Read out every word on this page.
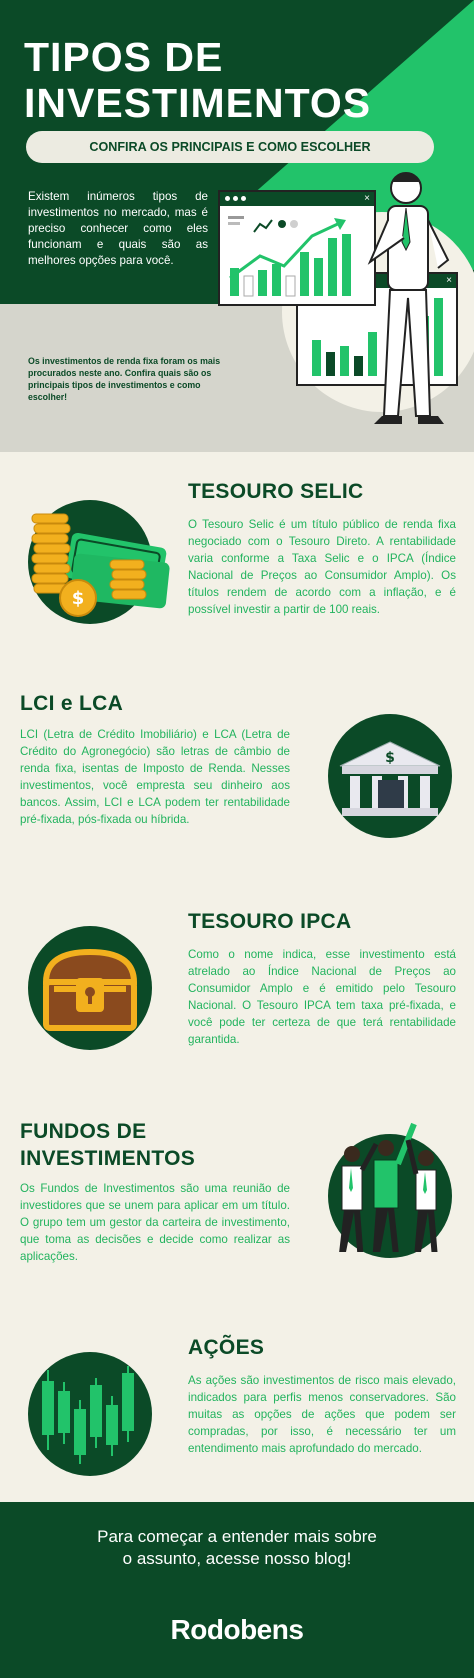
TIPOS DE
INVESTIMENTOS
CONFIRA OS PRINCIPAIS E COMO ESCOLHER
Existem inúmeros tipos de investimentos no mercado, mas é preciso conhecer como eles funcionam e quais são as melhores opções para você.
Os investimentos de renda fixa foram os mais procurados neste ano. Confira quais são os principais tipos de investimentos e como escolher!
×
×
TESOURO SELIC
O Tesouro Selic é um título público de renda fixa negociado com o Tesouro Direto. A rentabilidade varia conforme a Taxa Selic e o IPCA (Índice Nacional de Preços ao Consumidor Amplo). Os títulos rendem de acordo com a inflação, e é possível investir a partir de 100 reais.
$
LCI e LCA
LCI (Letra de Crédito Imobiliário) e LCA (Letra de Crédito do Agronegócio) são letras de câmbio de renda fixa, isentas de Imposto de Renda. Nesses investimentos, você empresta seu dinheiro aos bancos. Assim, LCI e LCA podem ter rentabilidade pré-fixada, pós-fixada ou híbrida.
$
TESOURO IPCA
Como o nome indica, esse investimento está atrelado ao Índice Nacional de Preços ao Consumidor Amplo e é emitido pelo Tesouro Nacional. O Tesouro IPCA tem taxa pré-fixada, e você pode ter certeza de que terá rentabilidade garantida.
FUNDOS DE
INVESTIMENTOS
Os Fundos de Investimentos são uma reunião de investidores que se unem para aplicar em um título. O grupo tem um gestor da carteira de investimento, que toma as decisões e decide como realizar as aplicações.
AÇÕES
As ações são investimentos de risco mais elevado, indicados para perfis menos conservadores. São muitas as opções de ações que podem ser compradas, por isso, é necessário ter um entendimento mais aprofundado do mercado.
Para começar a entender mais sobre
o assunto, acesse nosso blog!
Rodobens
